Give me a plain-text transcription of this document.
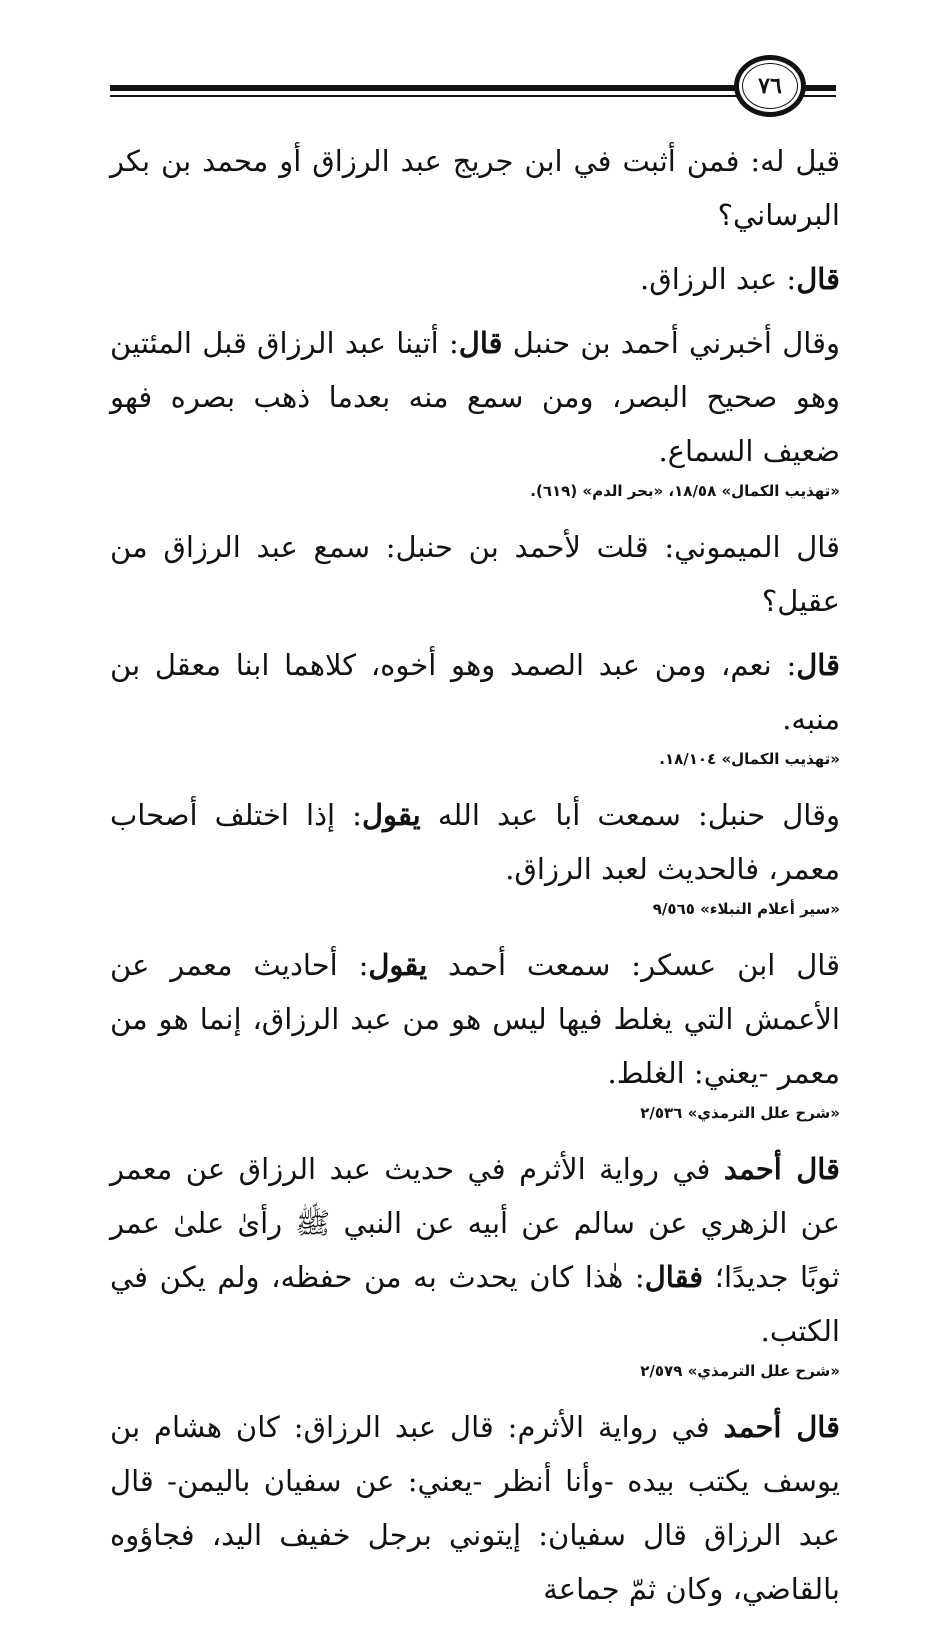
٧٦

قيل له: فمن أثبت في ابن جريج عبد الرزاق أو محمد بن بكر البرساني؟

قال: عبد الرزاق.

وقال أخبرني أحمد بن حنبل قال: أتينا عبد الرزاق قبل المئتين وهو صحيح البصر، ومن سمع منه بعدما ذهب بصره فهو ضعيف السماع.

«تهذيب الكمال» ١٨/٥٨، «بحر الدم» (٦١٩).

قال الميموني: قلت لأحمد بن حنبل: سمع عبد الرزاق من عقيل؟

قال: نعم، ومن عبد الصمد وهو أخوه، كلاهما ابنا معقل بن منبه.

«تهذيب الكمال» ١٨/١٠٤.

وقال حنبل: سمعت أبا عبد الله يقول: إذا اختلف أصحاب معمر، فالحديث لعبد الرزاق.

«سير أعلام النبلاء» ٩/٥٦٥

قال ابن عسكر: سمعت أحمد يقول: أحاديث معمر عن الأعمش التي يغلط فيها ليس هو من عبد الرزاق، إنما هو من معمر -يعني: الغلط.

«شرح علل الترمذي» ٢/٥٣٦

قال أحمد في رواية الأثرم في حديث عبد الرزاق عن معمر عن الزهري عن سالم عن أبيه عن النبي ﷺ رأىٰ علىٰ عمر ثوبًا جديدًا؛ فقال: هٰذا كان يحدث به من حفظه، ولم يكن في الكتب.

«شرح علل الترمذي» ٢/٥٧٩

قال أحمد في رواية الأثرم: قال عبد الرزاق: كان هشام بن يوسف يكتب بيده -وأنا أنظر -يعني: عن سفيان باليمن- قال عبد الرزاق قال سفيان: إيتوني برجل خفيف اليد، فجاؤوه بالقاضي، وكان ثمّ جماعة
